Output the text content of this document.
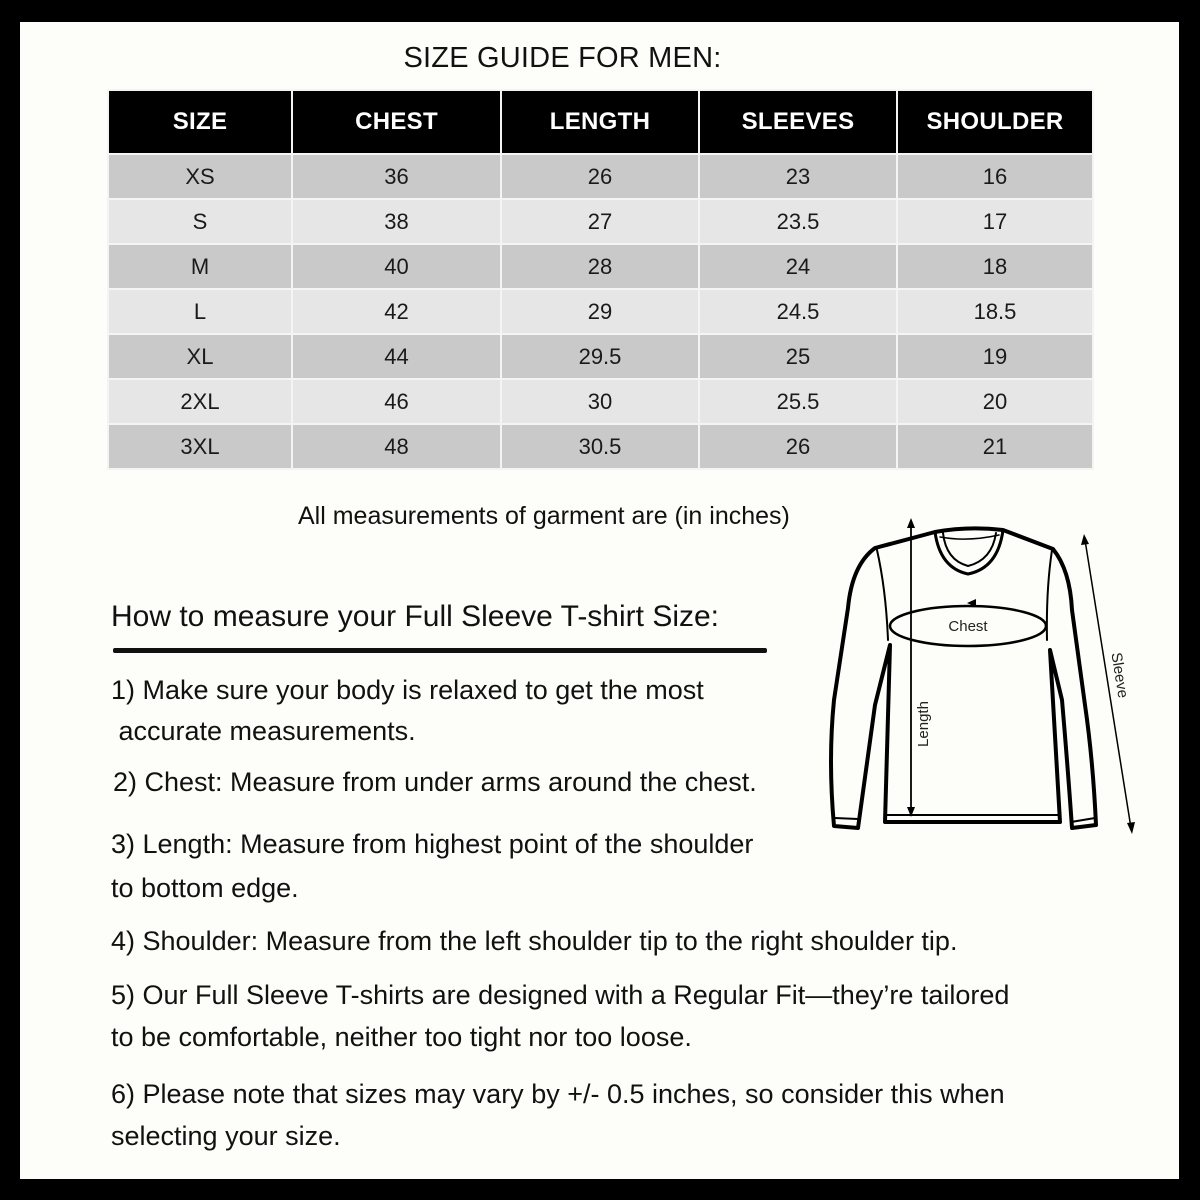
SIZE GUIDE FOR MEN:
SIZE	CHEST	LENGTH	SLEEVES	SHOULDER
XS	36	26	23	16
S	38	27	23.5	17
M	40	28	24	18
L	42	29	24.5	18.5
XL	44	29.5	25	19
2XL	46	30	25.5	20
3XL	48	30.5	26	21
All measurements of garment are (in inches)
How to measure your Full Sleeve T-shirt Size:
1) Make sure your body is relaxed to get the most
accurate measurements.
2) Chest: Measure from under arms around the chest.
3) Length: Measure from highest point of the shoulder
to bottom edge.
4) Shoulder: Measure from the left shoulder tip to the right shoulder tip.
5) Our Full Sleeve T-shirts are designed with a Regular Fit—they’re tailored
to be comfortable, neither too tight nor too loose.
6) Please note that sizes may vary by +/- 0.5 inches, so consider this when
selecting your size.
Chest
Length
Sleeve
